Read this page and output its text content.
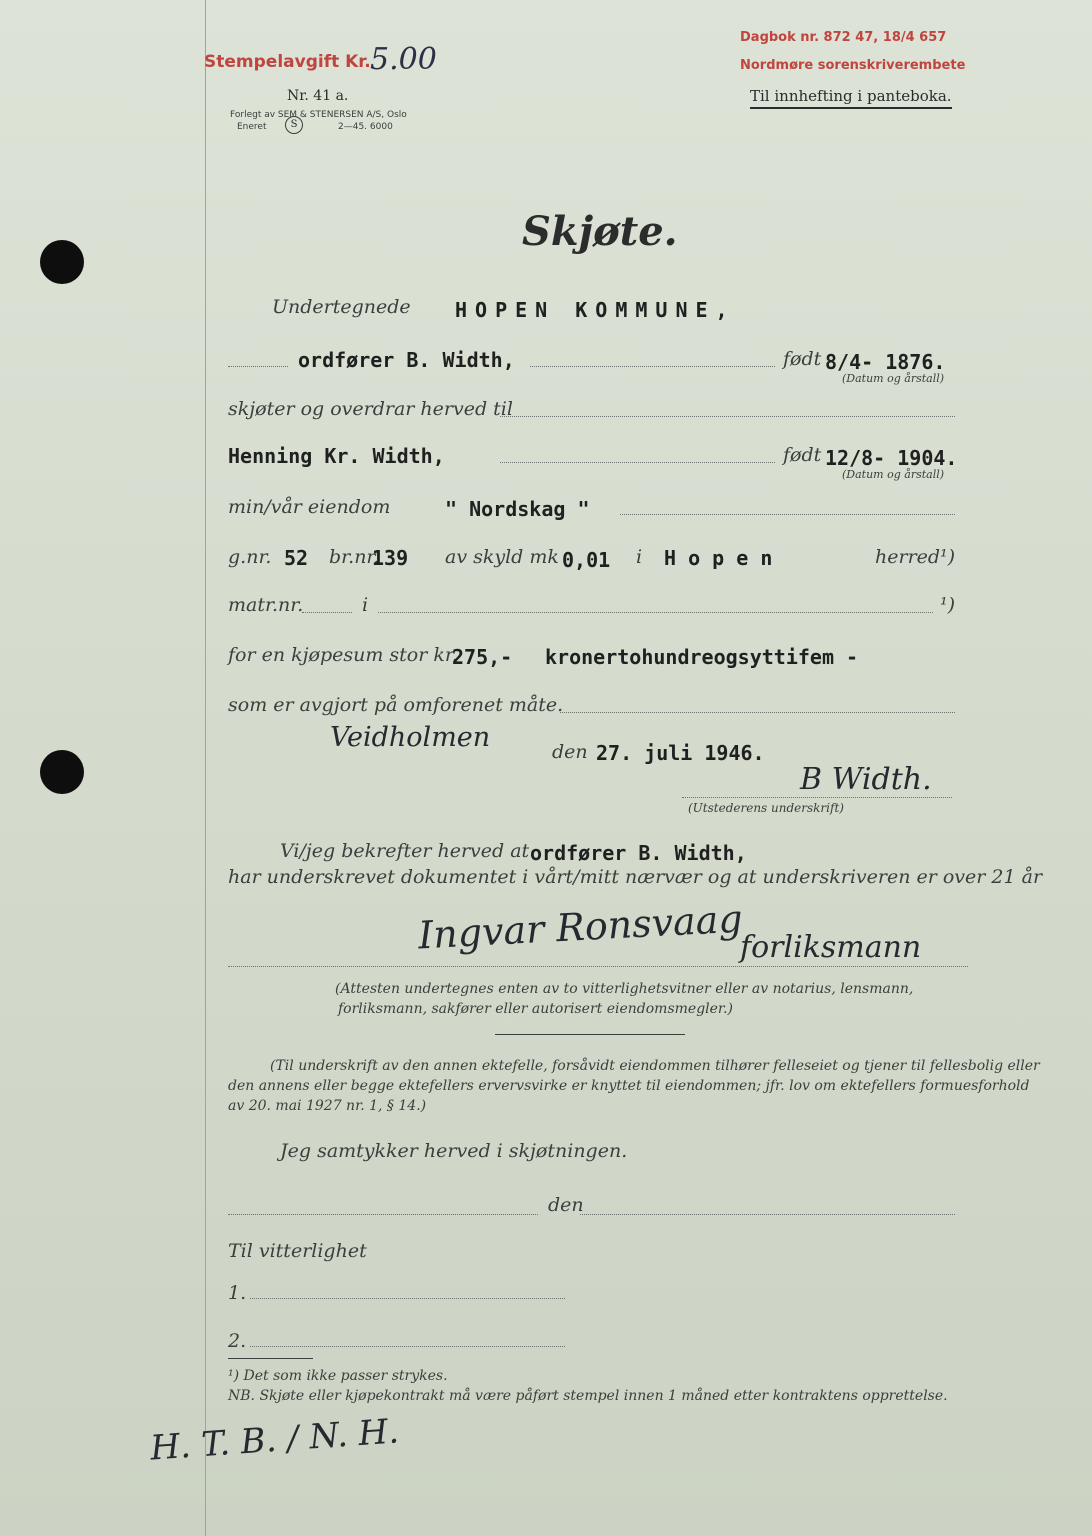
Stempelavgift Kr. 5.00
Nr. 41 a.
Forlegt av SEM & STENERSEN A/S, Oslo
Eneret	S	2—45. 6000
Dagbok nr. 872 47, 18/4 657
Nordmøre sorenskriverembete
Til innhefting i panteboka.
Skjøte.
Undertegnede HOPEN KOMMUNE,
ordfører B. Width,	født 8/4- 1876.
(Datum og årstall)
skjøter og overdrar herved til
Henning Kr. Width,	født 12/8- 1904.
(Datum og årstall)
min/vår eiendom	" Nordskag "
g.nr. 52 br.nr.
139 av skyld mk 0,01 i H o p e n	herred¹)
matr.nr.	i	¹)
for en kjøpesum stor kr.
275,- kronertohundreogsyttifem -
som er avgjort på omforenet måte.
Veidholmen	den 27. juli 1946.
B Width.
(Utstederens underskrift)
Vi/jeg bekrefter herved at ordfører B. Width,
har underskrevet dokumentet i vårt/mitt nærvær og at underskriveren er over 21 år
Ingvar Ronsvaag
forliksmann
(Attesten undertegnes enten av to vitterlighetsvitner eller av notarius, lensmann,
forliksmann, sakfører eller autorisert eiendomsmegler.)
(Til underskrift av den annen ektefelle, forsåvidt eiendommen tilhører felleseiet og tjener til fellesbolig eller
den annens eller begge ektefellers ervervsvirke er knyttet til eiendommen; jfr. lov om ektefellers formuesforhold
av 20. mai 1927 nr. 1, § 14.)
Jeg samtykker herved i skjøtningen.
den
Til vitterlighet
1.
2.
¹) Det som ikke passer strykes.
NB. Skjøte eller kjøpekontrakt må være påført stempel innen 1 måned etter kontraktens opprettelse.
H. T. B. / N. H.
